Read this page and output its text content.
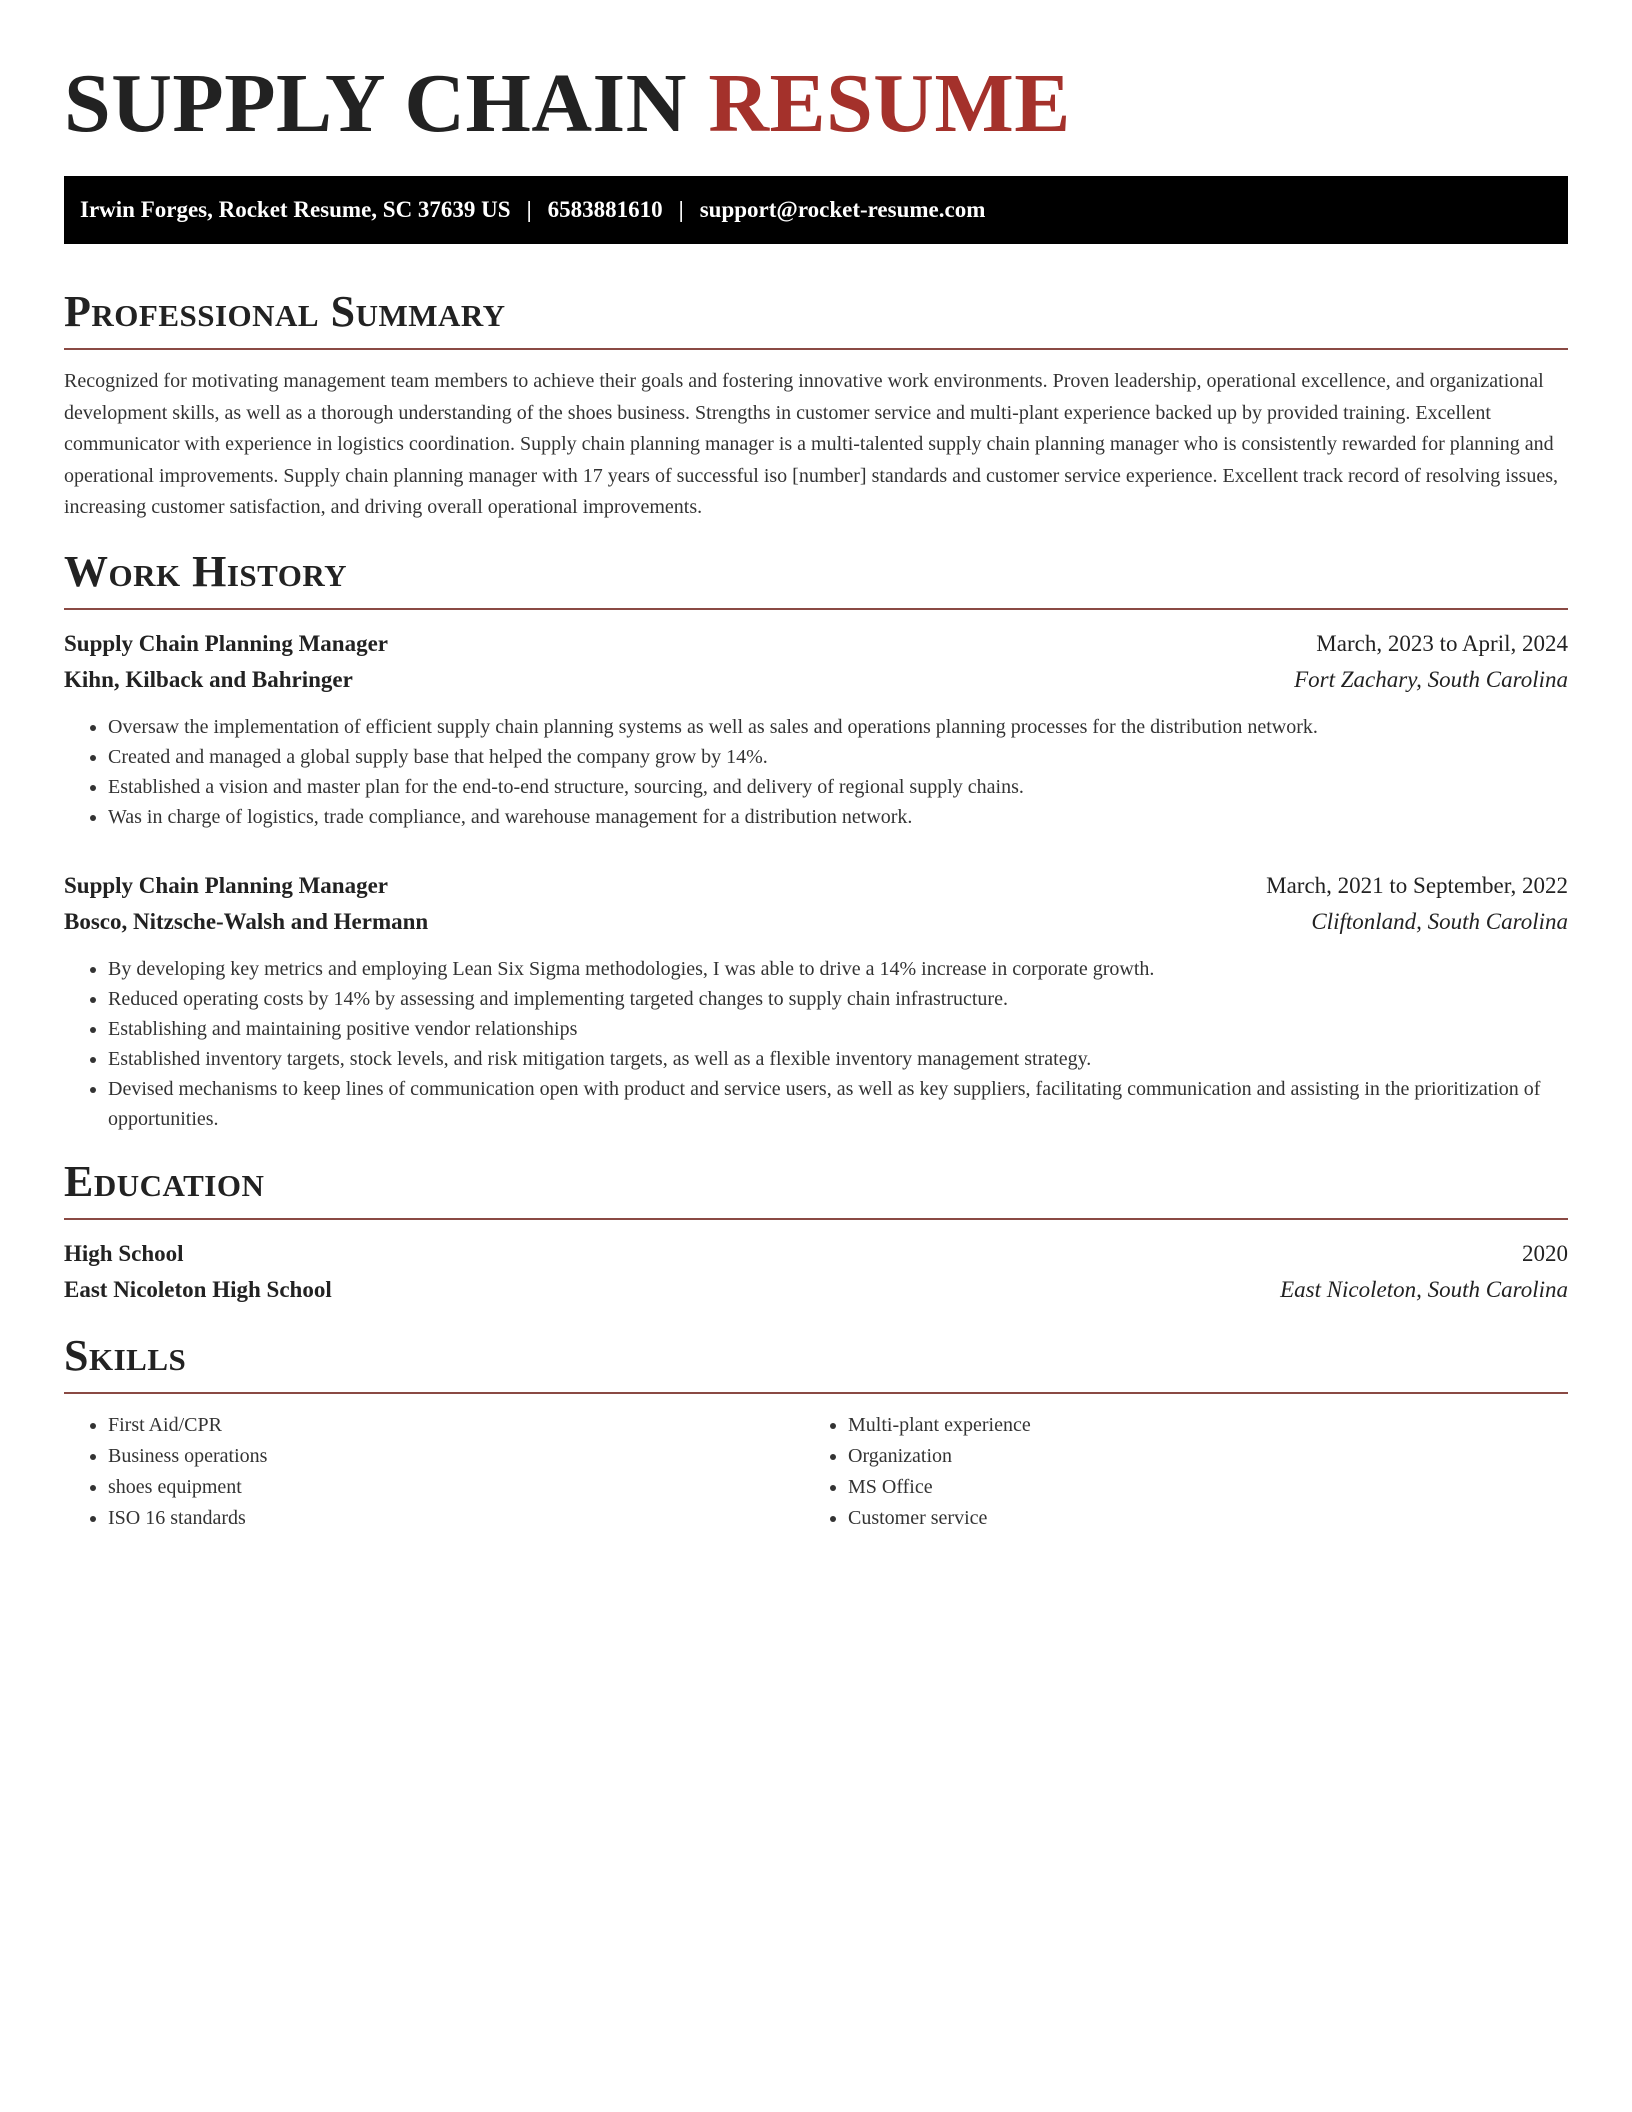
SUPPLY CHAIN RESUME
Irwin Forges, Rocket Resume, SC 37639 US | 6583881610 | support@rocket-resume.com
Professional Summary

Recognized for motivating management team members to achieve their goals and fostering innovative work environments. Proven leadership, operational excellence, and organizational development skills, as well as a thorough understanding of the shoes business. Strengths in customer service and multi-plant experience backed up by provided training. Excellent communicator with experience in logistics coordination. Supply chain planning manager is a multi-talented supply chain planning manager who is consistently rewarded for planning and operational improvements. Supply chain planning manager with 17 years of successful iso [number] standards and customer service experience. Excellent track record of resolving issues, increasing customer satisfaction, and driving overall operational improvements.

Work History
Supply Chain Planning Manager	March, 2023 to April, 2024
Kihn, Kilback and Bahringer	Fort Zachary, South Carolina
• Oversaw the implementation of efficient supply chain planning systems as well as sales and operations planning processes for the distribution network.
• Created and managed a global supply base that helped the company grow by 14%.
• Established a vision and master plan for the end-to-end structure, sourcing, and delivery of regional supply chains.
• Was in charge of logistics, trade compliance, and warehouse management for a distribution network.
Supply Chain Planning Manager	March, 2021 to September, 2022
Bosco, Nitzsche-Walsh and Hermann	Cliftonland, South Carolina
• By developing key metrics and employing Lean Six Sigma methodologies, I was able to drive a 14% increase in corporate growth.
• Reduced operating costs by 14% by assessing and implementing targeted changes to supply chain infrastructure.
• Establishing and maintaining positive vendor relationships
• Established inventory targets, stock levels, and risk mitigation targets, as well as a flexible inventory management strategy.
• Devised mechanisms to keep lines of communication open with product and service users, as well as key suppliers, facilitating communication and assisting in the prioritization of opportunities.
Education
High School	2020
East Nicoleton High School	East Nicoleton, South Carolina
Skills
• First Aid/CPR
• Business operations
• shoes equipment
• ISO 16 standards
• Multi-plant experience
• Organization
• MS Office
• Customer service
